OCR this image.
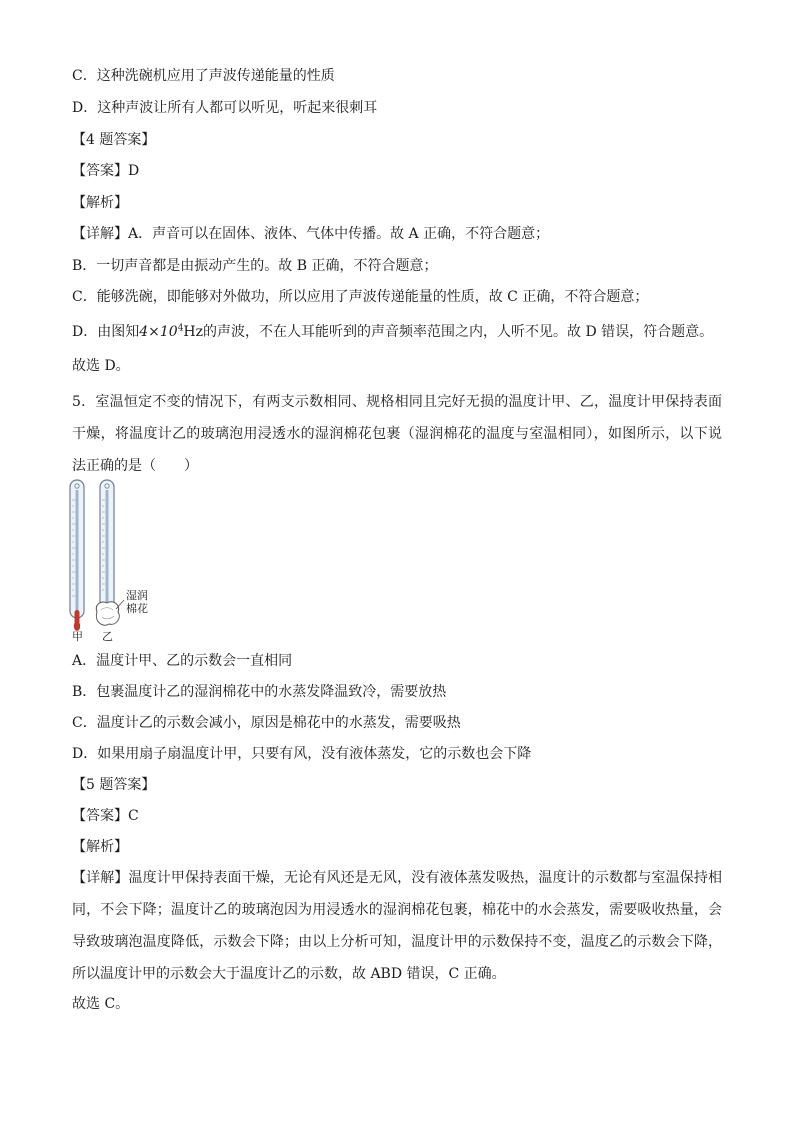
C．这种洗碗机应用了声波传递能量的性质
D．这种声波让所有人都可以听见，听起来很刺耳
【4 题答案】
【答案】D
【解析】
【详解】A．声音可以在固体、液体、气体中传播。故 A 正确，不符合题意；
B．一切声音都是由振动产生的。故 B 正确，不符合题意；
C．能够洗碗，即能够对外做功，所以应用了声波传递能量的性质，故 C 正确，不符合题意；
D．由图知$4\times 10^4Hz$的声波，不在人耳能听到的声音频率范围之内，人听不见。故 D 错误，符合题意。
故选 D。
5．室温恒定不变的情况下，有两支示数相同、规格相同且完好无损的温度计甲、乙，温度计甲保持表面干燥，将温度计乙的玻璃泡用浸透水的湿润棉花包裹（湿润棉花的温度与室温相同），如图所示，以下说法正确的是（　　）
湿润
棉花
甲 乙
A．温度计甲、乙的示数会一直相同
B．包裹温度计乙的湿润棉花中的水蒸发降温致冷，需要放热
C．温度计乙的示数会减小，原因是棉花中的水蒸发，需要吸热
D．如果用扇子扇温度计甲，只要有风，没有液体蒸发，它的示数也会下降
【5 题答案】
【答案】C
【解析】
【详解】温度计甲保持表面干燥，无论有风还是无风，没有液体蒸发吸热，温度计的示数都与室温保持相同，不会下降；温度计乙的玻璃泡因为用浸透水的湿润棉花包裹，棉花中的水会蒸发，需要吸收热量，会导致玻璃泡温度降低，示数会下降；由以上分析可知，温度计甲的示数保持不变，温度乙的示数会下降，所以温度计甲的示数会大于温度计乙的示数，故 ABD 错误，C 正确。
故选 C。
